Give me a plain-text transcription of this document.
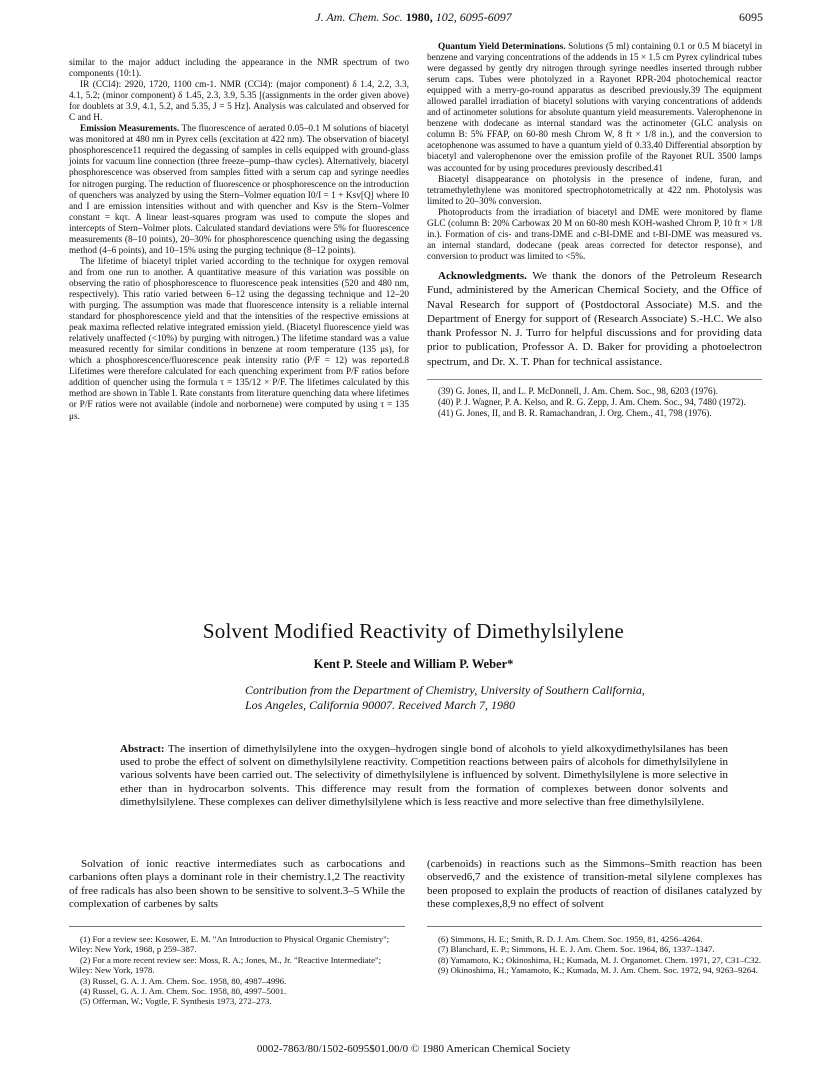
J. Am. Chem. Soc. 1980, 102, 6095-6097	6095

similar to the major adduct including the appearance in the NMR spectrum of two components (10:1).

IR (CCl4): 2920, 1720, 1100 cm-1. NMR (CCl4): (major component) δ 1.4, 2.2, 3.3, 4.1, 5.2; (minor component) δ 1.45, 2.3, 3.9, 5.35 [(assignments in the order given above) for doublets at 3.9, 4.1, 5.2, and 5.35, J = 5 Hz]. Analysis was calculated and observed for C and H.

Emission Measurements. The fluorescence of aerated 0.05–0.1 M solutions of biacetyl was monitored at 480 nm in Pyrex cells (excitation at 422 nm). The observation of biacetyl phosphorescence11 required the degassing of samples in cells equipped with ground-glass joints for vacuum line connection (three freeze–pump–thaw cycles). Alternatively, biacetyl phosphorescence was observed from samples fitted with a serum cap and syringe needles for nitrogen purging. The reduction of fluorescence or phosphorescence on the introduction of quenchers was analyzed by using the Stern–Volmer equation I0/I = 1 + Ksv[Q] where I0 and I are emission intensities without and with quencher and Ksv is the Stern–Volmer constant = kqτ. A linear least-squares program was used to compute the slopes and intercepts of Stern–Volmer plots. Calculated standard deviations were 5% for fluorescence measurements (8–10 points), 20–30% for phosphorescence quenching using the degassing method (4–6 points), and 10–15% using the purging technique (8–12 points).

The lifetime of biacetyl triplet varied according to the technique for oxygen removal and from one run to another. A quantitative measure of this variation was possible on observing the ratio of phosphorescence to fluorescence peak intensities (520 and 480 nm, respectively). This ratio varied between 6–12 using the degassing technique and 12–20 with purging. The assumption was made that fluorescence intensity is a reliable internal standard for phosphorescence yield and that the intensities of the respective emissions at peak maxima reflected relative integrated emission yield. (Biacetyl fluorescence yield was relatively unaffected (<10%) by purging with nitrogen.) The lifetime standard was a value measured recently for similar conditions in benzene at room temperature (135 μs), for which a phosphorescence/fluorescence peak intensity ratio (P/F = 12) was reported.8 Lifetimes were therefore calculated for each quenching experiment from P/F ratios before addition of quencher using the formula τ = 135/12 × P/F. The lifetimes calculated by this method are shown in Table I. Rate constants from literature quenching data where lifetimes or P/F ratios were not available (indole and norbornene) were computed by using τ = 135 μs.

Quantum Yield Determinations. Solutions (5 ml) containing 0.1 or 0.5 M biacetyl in benzene and varying concentrations of the addends in 15 × 1.5 cm Pyrex cylindrical tubes were degassed by gently dry nitrogen through syringe needles inserted through rubber serum caps. Tubes were photolyzed in a Rayonet RPR-204 photochemical reactor equipped with a merry-go-round apparatus as described previously.39 The equipment allowed parallel irradiation of biacetyl solutions with varying concentrations of addends and of actinometer solutions for absolute quantum yield measurements. Valerophenone in benzene with dodecane as internal standard was the actinometer (GLC analysis on column B: 5% FFAP, on 60-80 mesh Chrom W, 8 ft × 1/8 in.), and the conversion to acetophenone was assumed to have a quantum yield of 0.33.40 Differential absorption by biacetyl and valerophenone over the emission profile of the Rayonet RUL 3500 lamps was accounted for by using procedures previously described.41

Biacetyl disappearance on photolysis in the presence of indene, furan, and tetramethylethylene was monitored spectrophotometrically at 422 nm. Photolysis was limited to 20–30% conversion.

Photoproducts from the irradiation of biacetyl and DME were monitored by flame GLC (column B: 20% Carbowax 20 M on 60-80 mesh KOH-washed Chrom P, 10 ft × 1/8 in.). Formation of cis- and trans-DME and c-BI-DME and t-BI-DME was measured vs. an internal standard, dodecane (peak areas corrected for detector response), and conversion to product was limited to <5%.

Acknowledgments. We thank the donors of the Petroleum Research Fund, administered by the American Chemical Society, and the Office of Naval Research for support of (Postdoctoral Associate) M.S. and the Department of Energy for support of (Research Associate) S.-H.C. We also thank Professor N. J. Turro for helpful discussions and for providing data prior to publication, Professor A. D. Baker for providing a photoelectron spectrum, and Dr. X. T. Phan for technical assistance.

(39) G. Jones, II, and L. P. McDonnell, J. Am. Chem. Soc., 98, 6203 (1976).

(40) P. J. Wagner, P. A. Kelso, and R. G. Zepp, J. Am. Chem. Soc., 94, 7480 (1972).

(41) G. Jones, II, and B. R. Ramachandran, J. Org. Chem., 41, 798 (1976).

Solvent Modified Reactivity of Dimethylsilylene
Kent P. Steele and William P. Weber*
Contribution from the Department of Chemistry, University of Southern California,
Los Angeles, California 90007. Received March 7, 1980
Abstract: The insertion of dimethylsilylene into the oxygen–hydrogen single bond of alcohols to yield alkoxydimethylsilanes has been used to probe the effect of solvent on dimethylsilylene reactivity. Competition reactions between pairs of alcohols for dimethylsilylene in various solvents have been carried out. The selectivity of dimethylsilylene is influenced by solvent. Dimethylsilylene is more selective in ether than in hydrocarbon solvents. This difference may result from the formation of complexes between donor solvents and dimethylsilylene. These complexes can deliver dimethylsilylene which is less reactive and more selective than free dimethylsilylene.
Solvation of ionic reactive intermediates such as carbocations and carbanions often plays a dominant role in their chemistry.1,2 The reactivity of free radicals has also been shown to be sensitive to solvent.3–5 While the complexation of carbenes by salts
(carbenoids) in reactions such as the Simmons–Smith reaction has been observed6,7 and the existence of transition-metal silylene complexes has been proposed to explain the products of reaction of disilanes catalyzed by these complexes,8,9 no effect of solvent

(1) For a review see: Kosower, E. M. "An Introduction to Physical Organic Chemistry"; Wiley: New York, 1968, p 259–387.

(2) For a more recent review see: Moss, R. A.; Jones, M., Jr. "Reactive Intermediate"; Wiley: New York, 1978.

(3) Russel, G. A. J. Am. Chem. Soc. 1958, 80, 4987–4996.

(4) Russel, G. A. J. Am. Chem. Soc. 1958, 80, 4997–5001.

(5) Offerman, W.; Vogtle, F. Synthesis 1973, 272–273.

(6) Simmons, H. E.; Smith, R. D. J. Am. Chem. Soc. 1959, 81, 4256–4264.

(7) Blanchard, E. P.; Simmons, H. E. J. Am. Chem. Soc. 1964, 86, 1337–1347.

(8) Yamamoto, K.; Okinoshima, H.; Kumada, M. J. Organomet. Chem. 1971, 27, C31–C32.

(9) Okinoshima, H.; Yamamoto, K.; Kumada, M. J. Am. Chem. Soc. 1972, 94, 9263–9264.

0002-7863/80/1502-6095$01.00/0 © 1980 American Chemical Society
